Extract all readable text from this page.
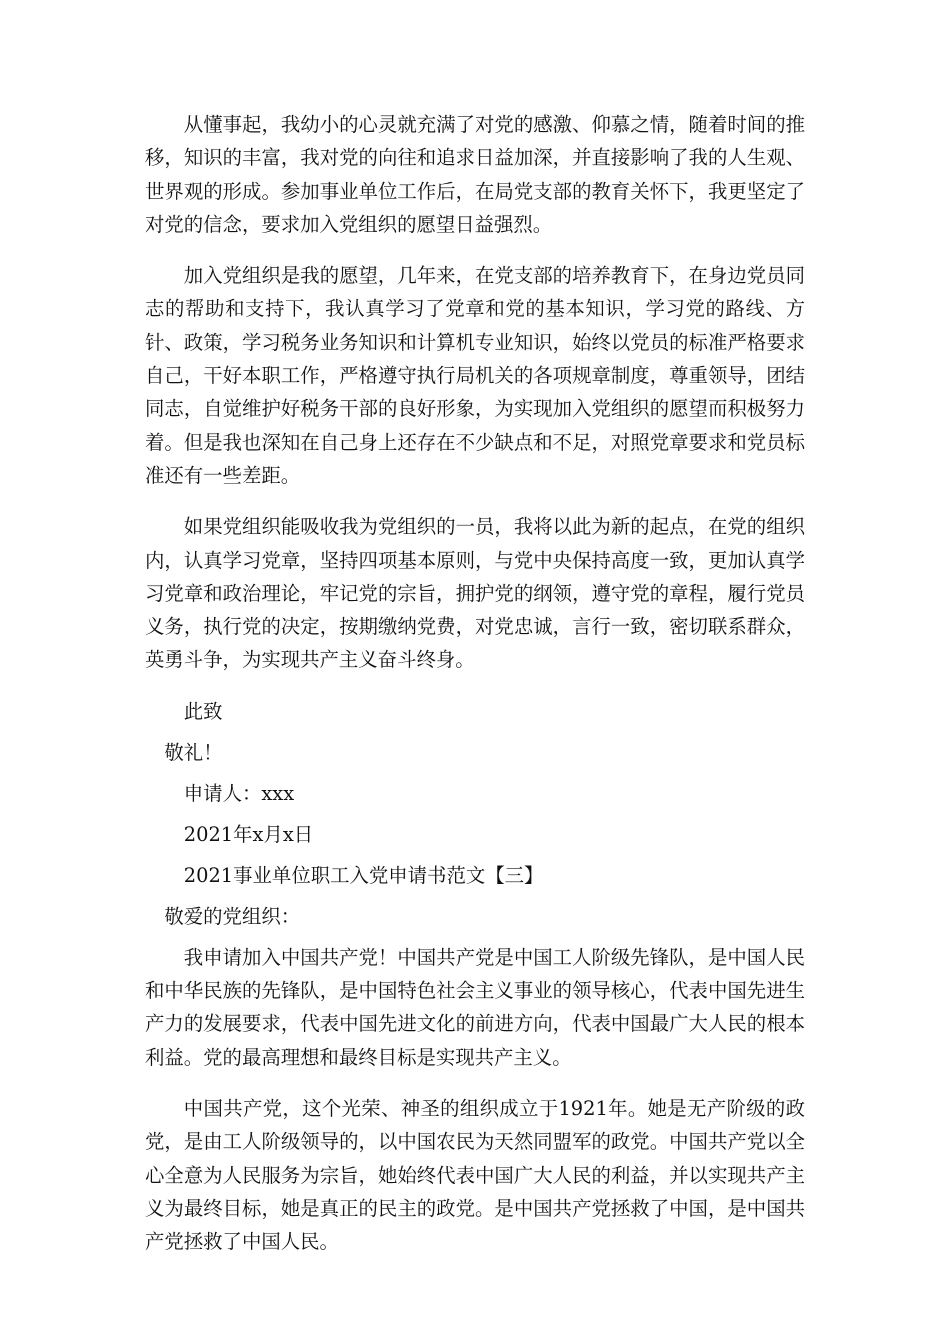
从懂事起，我幼小的心灵就充满了对党的感激、仰慕之情，随着时间的推移，知识的丰富，我对党的向往和追求日益加深，并直接影响了我的人生观、世界观的形成。参加事业单位工作后，在局党支部的教育关怀下，我更坚定了对党的信念，要求加入党组织的愿望日益强烈。

加入党组织是我的愿望，几年来，在党支部的培养教育下，在身边党员同志的帮助和支持下，我认真学习了党章和党的基本知识，学习党的路线、方针、政策，学习税务业务知识和计算机专业知识，始终以党员的标准严格要求自己，干好本职工作，严格遵守执行局机关的各项规章制度，尊重领导，团结同志，自觉维护好税务干部的良好形象，为实现加入党组织的愿望而积极努力着。但是我也深知在自己身上还存在不少缺点和不足，对照党章要求和党员标准还有一些差距。

如果党组织能吸收我为党组织的一员，我将以此为新的起点，在党的组织内，认真学习党章，坚持四项基本原则，与党中央保持高度一致，更加认真学习党章和政治理论，牢记党的宗旨，拥护党的纲领，遵守党的章程，履行党员义务，执行党的决定，按期缴纳党费，对党忠诚，言行一致，密切联系群众，英勇斗争，为实现共产主义奋斗终身。

此致

敬礼！

申请人：xxx

2021年x月x日

2021事业单位职工入党申请书范文【三】

敬爱的党组织：

我申请加入中国共产党！中国共产党是中国工人阶级先锋队，是中国人民和中华民族的先锋队，是中国特色社会主义事业的领导核心，代表中国先进生产力的发展要求，代表中国先进文化的前进方向，代表中国最广大人民的根本利益。党的最高理想和最终目标是实现共产主义。

中国共产党，这个光荣、神圣的组织成立于1921年。她是无产阶级的政党，是由工人阶级领导的，以中国农民为天然同盟军的政党。中国共产党以全心全意为人民服务为宗旨，她始终代表中国广大人民的利益，并以实现共产主义为最终目标，她是真正的民主的政党。是中国共产党拯救了中国，是中国共产党拯救了中国人民。
